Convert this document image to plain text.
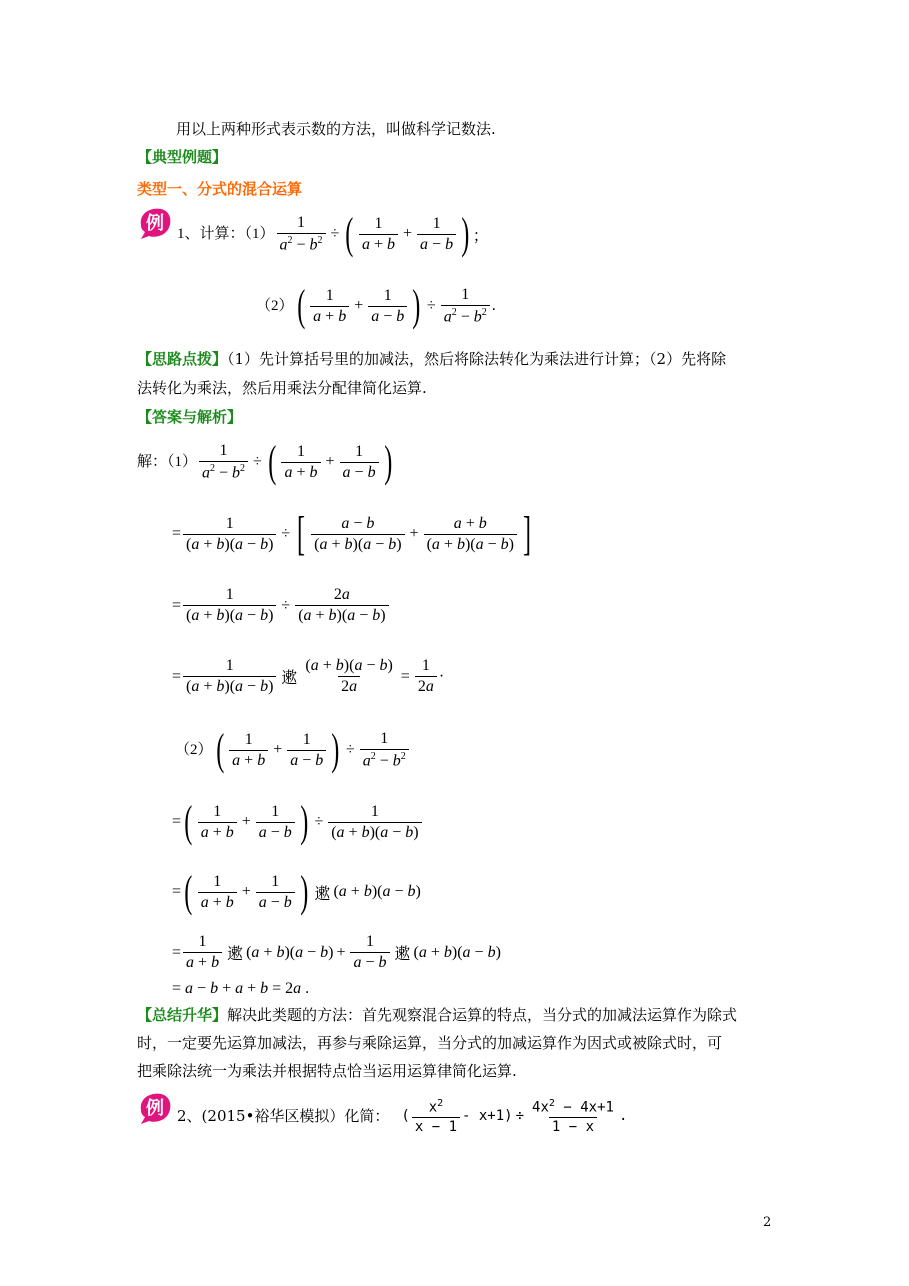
用以上两种形式表示数的方法，叫做科学记数法.
【典型例题】
类型一、分式的混合运算
例 1、计算：$(1) \frac{1}{a^2 - b^2}$ ÷ ( $\frac{1}{a + b} + \frac{1}{a - b}$ ) ；
（2） ( $\frac{1}{a + b} + \frac{1}{a - b}$ ) ÷ $\frac{1}{a^2 - b^2}$ .
【思路点拨】（1）先计算括号里的加减法，然后将除法转化为乘法进行计算；（2）先将除
法转化为乘法，然后用乘法分配律简化运算.
【答案与解析】
解：$(1) \frac{1}{a^2 - b^2}$ ÷ ( $\frac{1}{a + b} + \frac{1}{a - b}$ )
= $\frac{1}{(a + b)(a - b)}$ ÷ [ $\frac{a - b}{(a + b)(a - b)} + \frac{a + b}{(a + b)(a - b)}$ ]
= $\frac{1}{(a + b)(a - b)} \div \frac{2a}{(a + b)(a - b)}$
= $\frac{1}{(a + b)(a - b)}$ 遬 $\frac{(a + b)(a - b)}{2a} = \frac{1}{2a}$ ·
（2） ( $\frac{1}{a + b} + \frac{1}{a - b}$ ) ÷ $\frac{1}{a^2 - b^2}$
= ( $\frac{1}{a + b} + \frac{1}{a - b}$ ) ÷ $\frac{1}{(a + b)(a - b)}$
= ( $\frac{1}{a + b} + \frac{1}{a - b}$ ) 遬 (a + b)(a − b)
= $\frac{1}{a + b}$ 遬 $(a + b)(a - b) + \frac{1}{a - b}$ 遬 (a + b)(a − b)
= a − b + a + b = 2a .
【总结升华】解决此类题的方法：首先观察混合运算的特点，当分式的加减法运算作为除式
时，一定要先运算加减法，再参与乘除运算，当分式的加减运算作为因式或被除式时，可
把乘除法统一为乘法并根据特点恰当运用运算律简化运算.
例 2、(2015•裕华区模拟）化简： ( $\frac{x^2}{x - 1} - x+1) \div \frac{4x^2 - 4x+1}{1 - x}$ .
2
